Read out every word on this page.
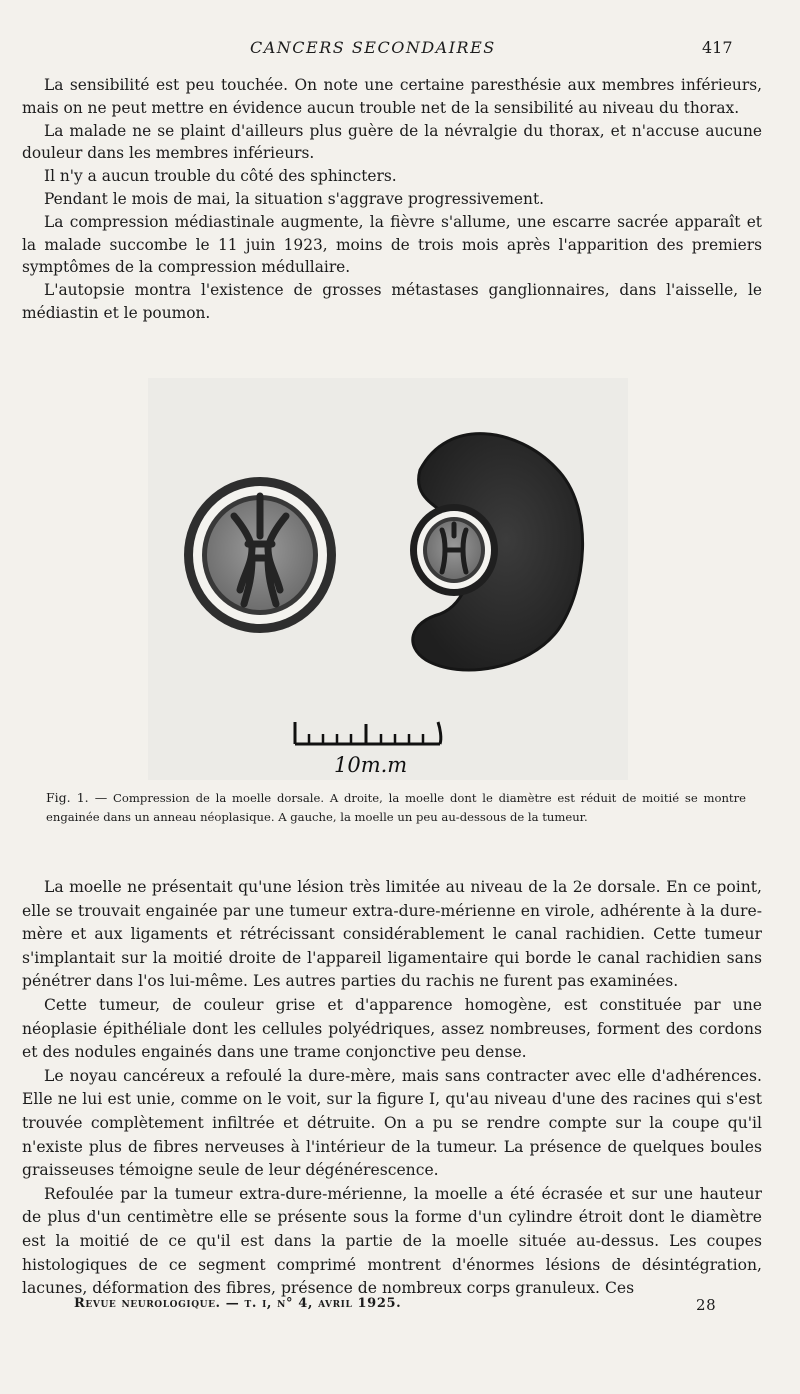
CANCERS SECONDAIRES	417

La sensibilité est peu touchée. On note une certaine paresthésie aux membres inférieurs, mais on ne peut mettre en évidence aucun trouble net de la sensibilité au niveau du thorax.

La malade ne se plaint d'ailleurs plus guère de la névralgie du thorax, et n'accuse aucune douleur dans les membres inférieurs.

Il n'y a aucun trouble du côté des sphincters.

Pendant le mois de mai, la situation s'aggrave progressivement.

La compression médiastinale augmente, la fièvre s'allume, une escarre sacrée apparaît et la malade succombe le 11 juin 1923, moins de trois mois après l'apparition des premiers symptômes de la compression médullaire.

L'autopsie montra l'existence de grosses métastases ganglionnaires, dans l'aisselle, le médiastin et le poumon.

10m.m
Fig. 1. — Compression de la moelle dorsale. A droite, la moelle dont le diamètre est réduit de moitié se montre engainée dans un anneau néoplasique. A gauche, la moelle un peu au-dessous de la tumeur.

La moelle ne présentait qu'une lésion très limitée au niveau de la 2e dorsale. En ce point, elle se trouvait engainée par une tumeur extra-dure-mérienne en virole, adhérente à la dure-mère et aux ligaments et rétrécissant considérablement le canal rachidien. Cette tumeur s'implantait sur la moitié droite de l'appareil ligamentaire qui borde le canal rachidien sans pénétrer dans l'os lui-même. Les autres parties du rachis ne furent pas examinées.

Cette tumeur, de couleur grise et d'apparence homogène, est constituée par une néoplasie épithéliale dont les cellules polyédriques, assez nombreuses, forment des cordons et des nodules engainés dans une trame conjonctive peu dense.

Le noyau cancéreux a refoulé la dure-mère, mais sans contracter avec elle d'adhérences. Elle ne lui est unie, comme on le voit, sur la figure I, qu'au niveau d'une des racines qui s'est trouvée complètement infiltrée et détruite. On a pu se rendre compte sur la coupe qu'il n'existe plus de fibres nerveuses à l'intérieur de la tumeur. La présence de quelques boules graisseuses témoigne seule de leur dégénérescence.

Refoulée par la tumeur extra-dure-mérienne, la moelle a été écrasée et sur une hauteur de plus d'un centimètre elle se présente sous la forme d'un cylindre étroit dont le diamètre est la moitié de ce qu'il est dans la partie de la moelle située au-dessus. Les coupes histologiques de ce segment comprimé montrent d'énormes lésions de désintégration, lacunes, déformation des fibres, présence de nombreux corps granuleux. Ces

Revue neurologique. — t. i, n° 4, avril 1925.	28
